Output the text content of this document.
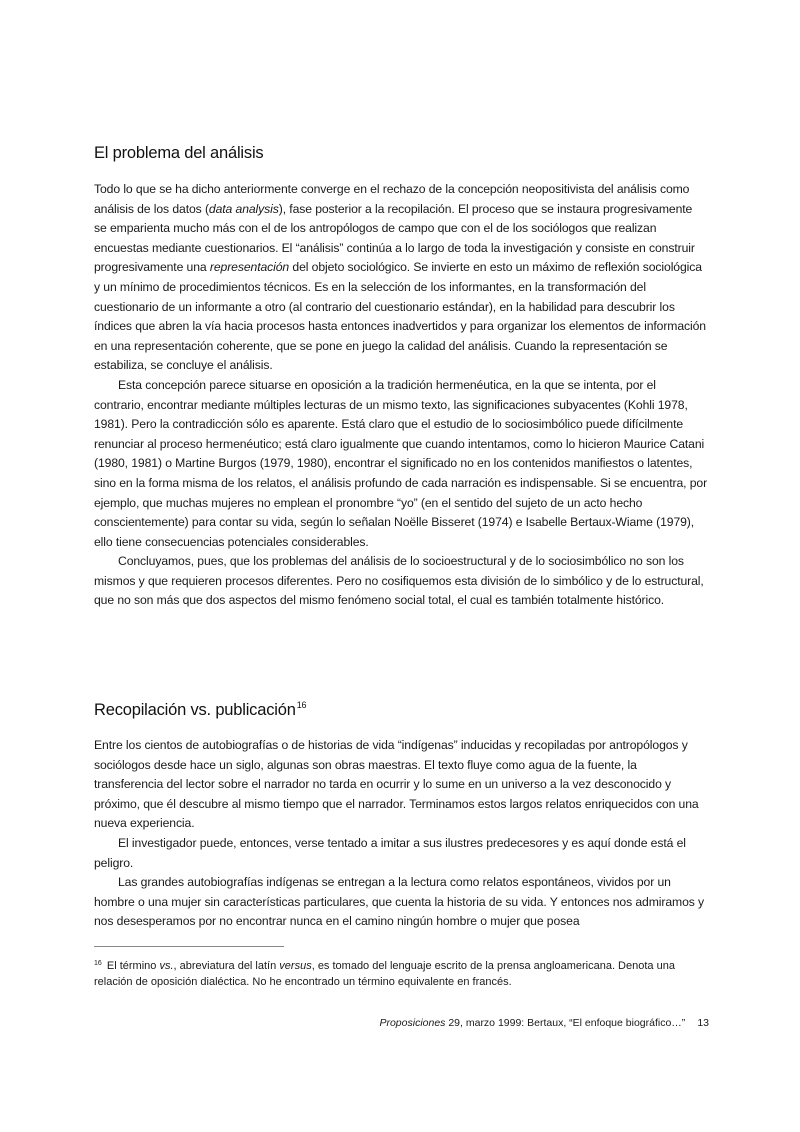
El problema del análisis

Todo lo que se ha dicho anteriormente converge en el rechazo de la concepción neopositivista del análisis como análisis de los datos (data analysis), fase posterior a la recopilación. El proceso que se instaura progresivamente se emparienta mucho más con el de los antropólogos de campo que con el de los sociólogos que realizan encuestas mediante cuestionarios. El “análisis” continúa a lo largo de toda la investigación y consiste en construir progresivamente una representación del objeto sociológico. Se invierte en esto un máximo de reflexión sociológica y un mínimo de procedimientos técnicos. Es en la selección de los informantes, en la transformación del cuestionario de un informante a otro (al contrario del cuestionario estándar), en la habilidad para descubrir los índices que abren la vía hacia procesos hasta entonces inadvertidos y para organizar los elementos de información en una representación coherente, que se pone en juego la calidad del análisis. Cuando la representación se estabiliza, se concluye el análisis.

Esta concepción parece situarse en oposición a la tradición hermenéutica, en la que se intenta, por el contrario, encontrar mediante múltiples lecturas de un mismo texto, las significaciones subyacentes (Kohli 1978, 1981). Pero la contradicción sólo es aparente. Está claro que el estudio de lo sociosimbólico puede difícilmente renunciar al proceso hermenéutico; está claro igualmente que cuando intentamos, como lo hicieron Maurice Catani (1980, 1981) o Martine Burgos (1979, 1980), encontrar el significado no en los contenidos manifiestos o latentes, sino en la forma misma de los relatos, el análisis profundo de cada narración es indispensable. Si se encuentra, por ejemplo, que muchas mujeres no emplean el pronombre “yo” (en el sentido del sujeto de un acto hecho conscientemente) para contar su vida, según lo señalan Noëlle Bisseret (1974) e Isabelle Bertaux-Wiame (1979), ello tiene consecuencias potenciales considerables.

Concluyamos, pues, que los problemas del análisis de lo socioestructural y de lo sociosimbólico no son los mismos y que requieren procesos diferentes. Pero no cosifiquemos esta división de lo simbólico y de lo estructural, que no son más que dos aspectos del mismo fenómeno social total, el cual es también totalmente histórico.

Recopilación vs. publicación$^{16}$

Entre los cientos de autobiografías o de historias de vida “indígenas” inducidas y recopiladas por antropólogos y sociólogos desde hace un siglo, algunas son obras maestras. El texto fluye como agua de la fuente, la transferencia del lector sobre el narrador no tarda en ocurrir y lo sume en un universo a la vez desconocido y próximo, que él descubre al mismo tiempo que el narrador. Terminamos estos largos relatos enriquecidos con una nueva experiencia.

El investigador puede, entonces, verse tentado a imitar a sus ilustres predecesores y es aquí donde está el peligro.

Las grandes autobiografías indígenas se entregan a la lectura como relatos espontáneos, vividos por un hombre o una mujer sin características particulares, que cuenta la historia de su vida. Y entonces nos admiramos y nos desesperamos por no encontrar nunca en el camino ningún hombre o mujer que posea

$^{16}$ El término vs., abreviatura del latín versus, es tomado del lenguaje escrito de la prensa angloamericana. Denota una relación de oposición dialéctica. No he encontrado un término equivalente en francés.
Proposiciones 29, marzo 1999: Bertaux, “El enfoque biográfico…” 13
